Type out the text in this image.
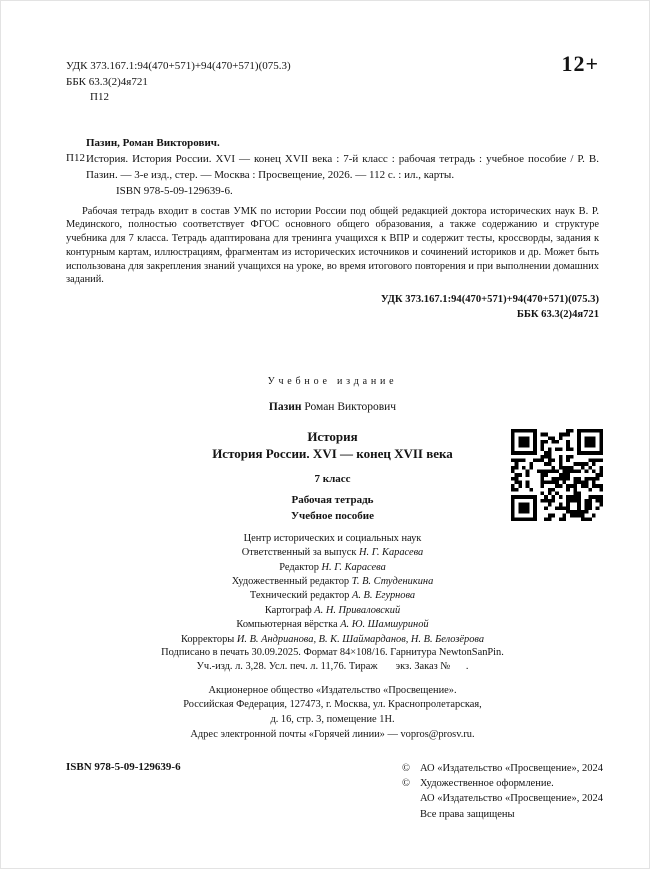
УДК 373.167.1:94(470+571)+94(470+571)(075.3)
ББК 63.3(2)4я721
П12
12+
П12

Пазин, Роман Викторович.

История. История России. XVI — конец XVII века : 7-й класс : рабочая тетрадь : учебное пособие / Р. В. Пазин. — 3-е изд., стер. — Москва : Просвещение, 2026. — 112 с. : ил., карты.

ISBN 978-5-09-129639-6.

Рабочая тетрадь входит в состав УМК по истории России под общей редакцией доктора исторических наук В. Р. Мединского, полностью соответствует ФГОС основного общего образования, а также содержанию и структуре учебника для 7 класса. Тетрадь адаптирована для тренинга учащихся к ВПР и содержит тесты, кроссворды, задания к контурным картам, иллюстрациям, фрагментам из исторических источников и сочинений историков и др. Может быть использована для закрепления знаний учащихся на уроке, во время итогового повторения и при выполнении домашних заданий.

УДК 373.167.1:94(470+571)+94(470+571)(075.3)
ББК 63.3(2)4я721

Учебное издание

Пазин Роман Викторович

История

История России. XVI — конец XVII века

7 класс

Рабочая тетрадь

Учебное пособие

Центр исторических и социальных наук
Ответственный за выпуск Н. Г. Карасева
Редактор Н. Г. Карасева
Художественный редактор Т. В. Студеникина
Технический редактор А. В. Егурнова
Картограф А. Н. Приваловский
Компьютерная вёрстка А. Ю. Шамшуриной
Корректоры И. В. Андрианова, В. К. Шаймарданов, Н. В. Белозёрова
Подписано в печать 30.09.2025. Формат 84×108/16. Гарнитура NewtonSanPin.
Уч.-изд. л. 3,28. Усл. печ. л. 11,76. Тираж       экз. Заказ №      .
Акционерное общество «Издательство «Просвещение».
Российская Федерация, 127473, г. Москва, ул. Краснопролетарская,
д. 16, стр. 3, помещение 1Н.
Адрес электронной почты «Горячей линии» — vopros@prosv.ru.
ISBN 978-5-09-129639-6	© АО «Издательство «Просвещение», 2024
© Художественное оформление.
АО «Издательство «Просвещение», 2024
Все права защищены
